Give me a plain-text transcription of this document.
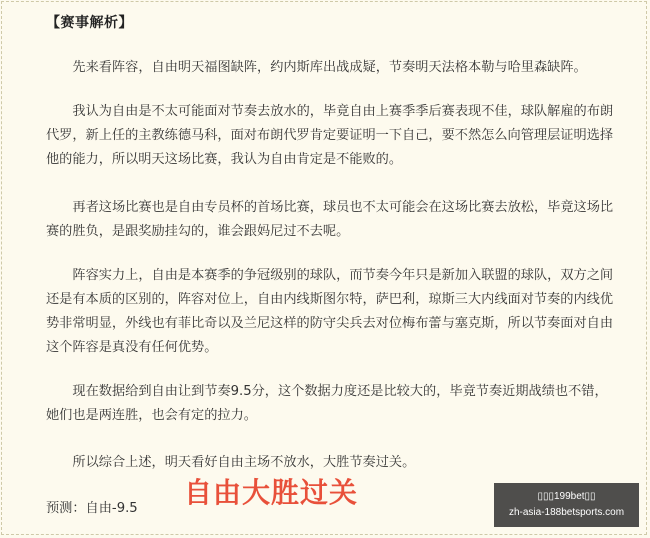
【赛事解析】

先来看阵容，自由明天福图缺阵，约内斯库出战成疑，节奏明天法格本勒与哈里森缺阵。

我认为自由是不太可能面对节奏去放水的，毕竟自由上赛季季后赛表现不佳，球队解雇的布朗代罗，新上任的主教练德马科，面对布朗代罗肯定要证明一下自己，要不然怎么向管理层证明选择他的能力，所以明天这场比赛，我认为自由肯定是不能败的。

再者这场比赛也是自由专员杯的首场比赛，球员也不太可能会在这场比赛去放松，毕竟这场比赛的胜负，是跟奖励挂勾的，谁会跟妈尼过不去呢。

阵容实力上，自由是本赛季的争冠级别的球队，而节奏今年只是新加入联盟的球队，双方之间还是有本质的区别的，阵容对位上，自由内线斯图尔特，萨巴利，琼斯三大内线面对节奏的内线优势非常明显，外线也有菲比奇以及兰尼这样的防守尖兵去对位梅布蕾与塞克斯，所以节奏面对自由这个阵容是真没有任何优势。

现在数据给到自由让到节奏9.5分，这个数据力度还是比较大的，毕竟节奏近期战绩也不错，她们也是两连胜，也会有定的拉力。

所以综合上述，明天看好自由主场不放水，大胜节奏过关。

预测：自由-9.5 自由大胜过关	▯▯▯199bet▯▯
zh-asia-188betsports.com
